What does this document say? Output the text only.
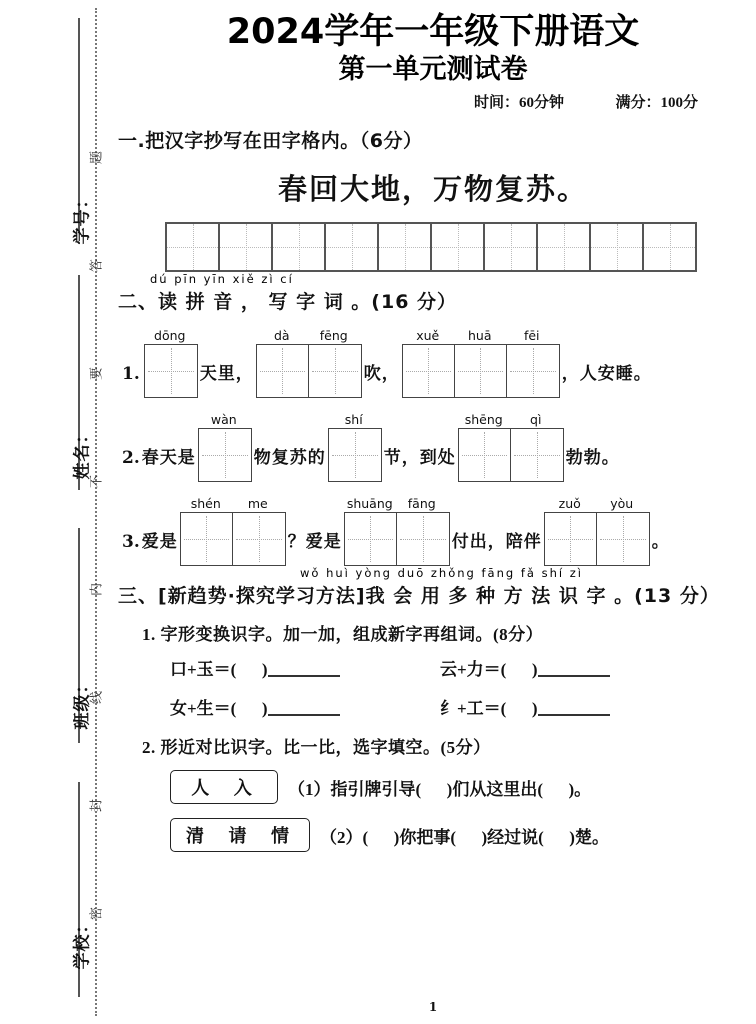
学号：
姓名：
班级：
学校：
题
答
要
不
内
线
封
密
2024学年一年级下册语文
第一单元测试卷
时间：60分钟	满分：100分
一.把汉字抄写在田字格内。（6分）
春回大地，万物复苏。
dú pīn yīn xiě zì cí
二、读 拼 音 ， 写 字 词 。(16 分）
1.
dōng
天里，
dà	fēng
吹，
xuě	huā	fēi
，人安睡。
2. 春天是
wàn
物复苏的
shí
节，到处
shēng	qì
勃勃。
3. 爱是
shén	me
？爱是
shuāng	fāng
付出，陪伴
zuǒ	yòu
。
wǒ huì yòng duō zhǒng fāng fǎ shí zì
三、[新趋势·探究学习方法]我 会 用 多 种 方 法 识 字 。(13 分）
1. 字形变换识字。加一加，组成新字再组词。(8分）
口+玉＝(      )	云+力＝(      )
女+生＝(      )	纟+工＝(      )
2. 形近对比识字。比一比，选字填空。(5分）
人 入	（1）指引牌引导(      )们从这里出(      )。
清 请 情	（2）(      )你把事(      )经过说(      )楚。
1
